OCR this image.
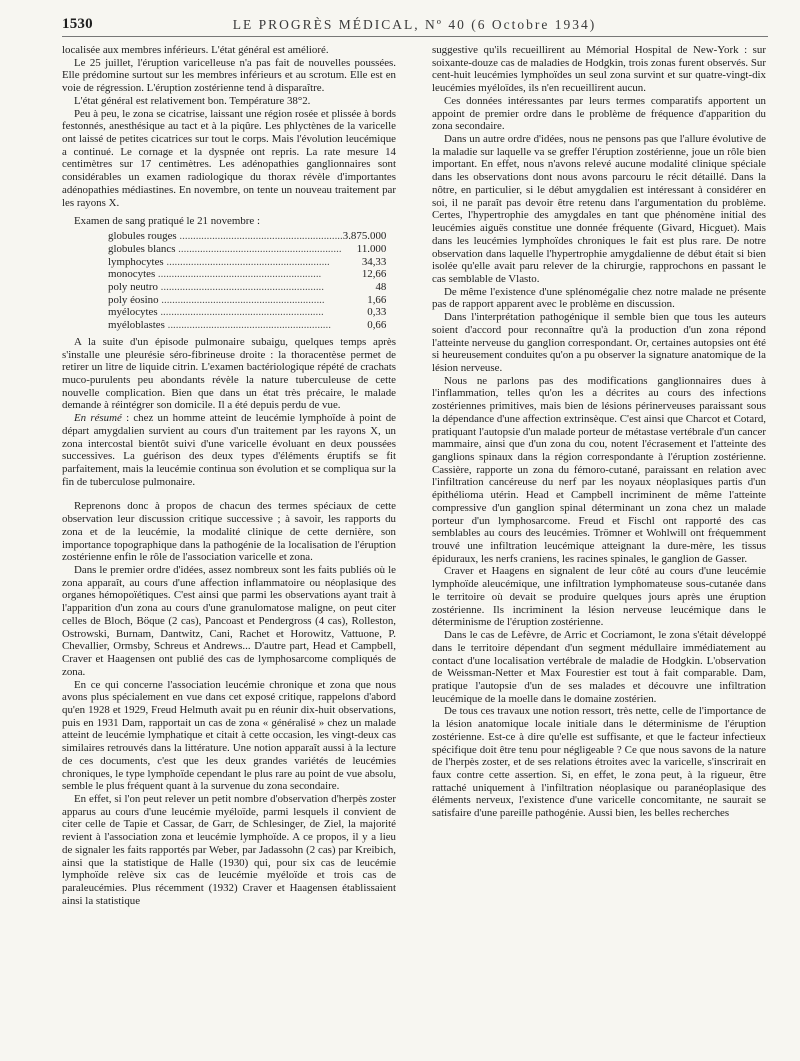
1530	LE PROGRÈS MÉDICAL, Nº 40 (6 Octobre 1934)

localisée aux membres inférieurs. L'état général est amélioré.

Le 25 juillet, l'éruption varicelleuse n'a pas fait de nouvelles poussées. Elle prédomine surtout sur les membres inférieurs et au scrotum. Elle est en voie de régression. L'éruption zostérienne tend à disparaître.

L'état général est relativement bon. Température 38°2.

Peu à peu, le zona se cicatrise, laissant une région rosée et plissée à bords festonnés, anesthésique au tact et à la piqûre. Les phlyctènes de la varicelle ont laissé de petites cicatrices sur tout le corps. Mais l'évolution leucémique a continué. Le cornage et la dyspnée ont repris. La rate mesure 14 centimètres sur 17 centimètres. Les adénopathies ganglionnaires sont considérables un examen radiologique du thorax révèle d'importantes adénopathies médiastines. En novembre, on tente un nouveau traitement par les rayons X.

Examen de sang pratiqué le 21 novembre :

globules rouges ............................................................	3.875.000
globules blancs ............................................................	11.000
lymphocytes ............................................................	34,33
monocytes ............................................................	12,66
poly neutro ............................................................	48
poly éosino ............................................................	1,66
myélocytes ............................................................	0,33
myéloblastes ............................................................	0,66

A la suite d'un épisode pulmonaire subaigu, quelques temps après s'installe une pleurésie séro-fibrineuse droite : la thoracentèse permet de retirer un litre de liquide citrin. L'examen bactériologique répété de crachats muco-purulents peu abondants révèle la nature tuberculeuse de cette nouvelle complication. Bien que dans un état très précaire, le malade demande à réintégrer son domicile. Il a été depuis perdu de vue.

En résumé : chez un homme atteint de leucémie lymphoïde à point de départ amygdalien survient au cours d'un traitement par les rayons X, un zona intercostal bientôt suivi d'une varicelle évoluant en deux poussées successives. La guérison des deux types d'éléments éruptifs se fit parfaitement, mais la leucémie continua son évolution et se compliqua sur la fin de tuberculose pulmonaire.

Reprenons donc à propos de chacun des termes spéciaux de cette observation leur discussion critique successive ; à savoir, les rapports du zona et de la leucémie, la modalité clinique de cette dernière, son importance topographique dans la pathogénie de la localisation de l'éruption zostérienne enfin le rôle de l'association varicelle et zona.

Dans le premier ordre d'idées, assez nombreux sont les faits publiés où le zona apparaît, au cours d'une affection inflammatoire ou néoplasique des organes hémopoïétiques. C'est ainsi que parmi les observations ayant trait à l'apparition d'un zona au cours d'une granulomatose maligne, on peut citer celles de Bloch, Böque (2 cas), Pancoast et Pendergross (4 cas), Rolleston, Ostrowski, Burnam, Dantwitz, Cani, Rachet et Horowitz, Vattuone, P. Chevallier, Ormsby, Schreus et Andrews... D'autre part, Head et Campbell, Craver et Haagensen ont publié des cas de lymphosarcome compliqués de zona.

En ce qui concerne l'association leucémie chronique et zona que nous avons plus spécialement en vue dans cet exposé critique, rappelons d'abord qu'en 1928 et 1929, Freud Helmuth avait pu en réunir dix-huit observations, puis en 1931 Dam, rapportait un cas de zona « généralisé » chez un malade atteint de leucémie lymphatique et citait à cette occasion, les vingt-deux cas similaires retrouvés dans la littérature. Une notion apparaît aussi à la lecture de ces documents, c'est que les deux grandes variétés de leucémies chroniques, le type lymphoïde cependant le plus rare au point de vue absolu, semble le plus fréquent quant à la survenue du zona secondaire.

En effet, si l'on peut relever un petit nombre d'observation d'herpès zoster apparus au cours d'une leucémie myéloïde, parmi lesquels il convient de citer celle de Tapie et Cassar, de Garr, de Schlesinger, de Ziel, la majorité revient à l'association zona et leucémie lymphoïde. A ce propos, il y a lieu de signaler les faits rapportés par Weber, par Jadassohn (2 cas) par Kreibich, ainsi que la statistique de Halle (1930) qui, pour six cas de leucémie lymphoïde relève six cas de leucémie myéloïde et trois cas de paraleucémies. Plus récemment (1932) Craver et Haagensen établissaient ainsi la statistique

suggestive qu'ils recueillirent au Mémorial Hospital de New-York : sur soixante-douze cas de maladies de Hodgkin, trois zonas furent observés. Sur cent-huit leucémies lymphoïdes un seul zona survint et sur quatre-vingt-dix leucémies myéloïdes, ils n'en recueillirent aucun.

Ces données intéressantes par leurs termes comparatifs apportent un appoint de premier ordre dans le problème de fréquence d'apparition du zona secondaire.

Dans un autre ordre d'idées, nous ne pensons pas que l'allure évolutive de la maladie sur laquelle va se greffer l'éruption zostérienne, joue un rôle bien important. En effet, nous n'avons relevé aucune modalité clinique spéciale dans les observations dont nous avons parcouru le récit détaillé. Dans la nôtre, en particulier, si le début amygdalien est intéressant à considérer en soi, il ne paraît pas devoir être retenu dans l'argumentation du problème. Certes, l'hypertrophie des amygdales en tant que phénomène initial des leucémies aiguës constitue une donnée fréquente (Givard, Hicguet). Mais dans les leucémies lymphoïdes chroniques le fait est plus rare. De notre observation dans laquelle l'hypertrophie amygdalienne de début était si bien isolée qu'elle avait paru relever de la chirurgie, rapprochons en passant le cas semblable de Vlasto.

De même l'existence d'une splénomégalie chez notre malade ne présente pas de rapport apparent avec le problème en discussion.

Dans l'interprétation pathogénique il semble bien que tous les auteurs soient d'accord pour reconnaître qu'à la production d'un zona répond l'atteinte nerveuse du ganglion correspondant. Or, certaines autopsies ont été si heureusement conduites qu'on a pu observer la signature anatomique de la lésion nerveuse.

Nous ne parlons pas des modifications ganglionnaires dues à l'inflammation, telles qu'on les a décrites au cours des infections zostériennes primitives, mais bien de lésions périnerveuses paraissant sous la dépendance d'une affection extrinsèque. C'est ainsi que Charcot et Cotard, pratiquant l'autopsie d'un malade porteur de métastase vertébrale d'un cancer mammaire, ainsi que d'un zona du cou, notent l'écrasement et l'atteinte des ganglions spinaux dans la région correspondante à l'éruption zostérienne. Cassière, rapporte un zona du fémoro-cutané, paraissant en relation avec l'infiltration cancéreuse du nerf par les noyaux néoplasiques partis d'un épithélioma utérin. Head et Campbell incriminent de même l'atteinte compressive d'un ganglion spinal déterminant un zona chez un malade porteur d'un lymphosarcome. Freud et Fischl ont rapporté des cas semblables au cours des leucémies. Trömner et Wohlwill ont fréquemment trouvé une infiltration leucémique atteignant la dure-mère, les tissus épiduraux, les nerfs craniens, les racines spinales, le ganglion de Gasser.

Craver et Haagens en signalent de leur côté au cours d'une leucémie lymphoïde aleucémique, une infiltration lymphomateuse sous-cutanée dans le territoire où devait se produire quelques jours après une éruption zostérienne. Ils incriminent la lésion nerveuse leucémique dans le déterminisme de l'éruption zostérienne.

Dans le cas de Lefèvre, de Arric et Cocriamont, le zona s'était développé dans le territoire dépendant d'un segment médullaire immédiatement au contact d'une localisation vertébrale de maladie de Hodgkin. L'observation de Weissman-Netter et Max Fourestier est tout à fait comparable. Dam, pratique l'autopsie d'un de ses malades et découvre une infiltration leucémique de la moelle dans le domaine zostérien.

De tous ces travaux une notion ressort, très nette, celle de l'importance de la lésion anatomique locale initiale dans le déterminisme de l'éruption zostérienne. Est-ce à dire qu'elle est suffisante, et que le facteur infectieux spécifique doit être tenu pour négligeable ? Ce que nous savons de la nature de l'herpès zoster, et de ses relations étroites avec la varicelle, s'inscrirait en faux contre cette assertion. Si, en effet, le zona peut, à la rigueur, être rattaché uniquement à l'infiltration néoplasique ou paranéoplasique des éléments nerveux, l'existence d'une varicelle concomitante, ne saurait se satisfaire d'une pareille pathogénie. Aussi bien, les belles recherches
